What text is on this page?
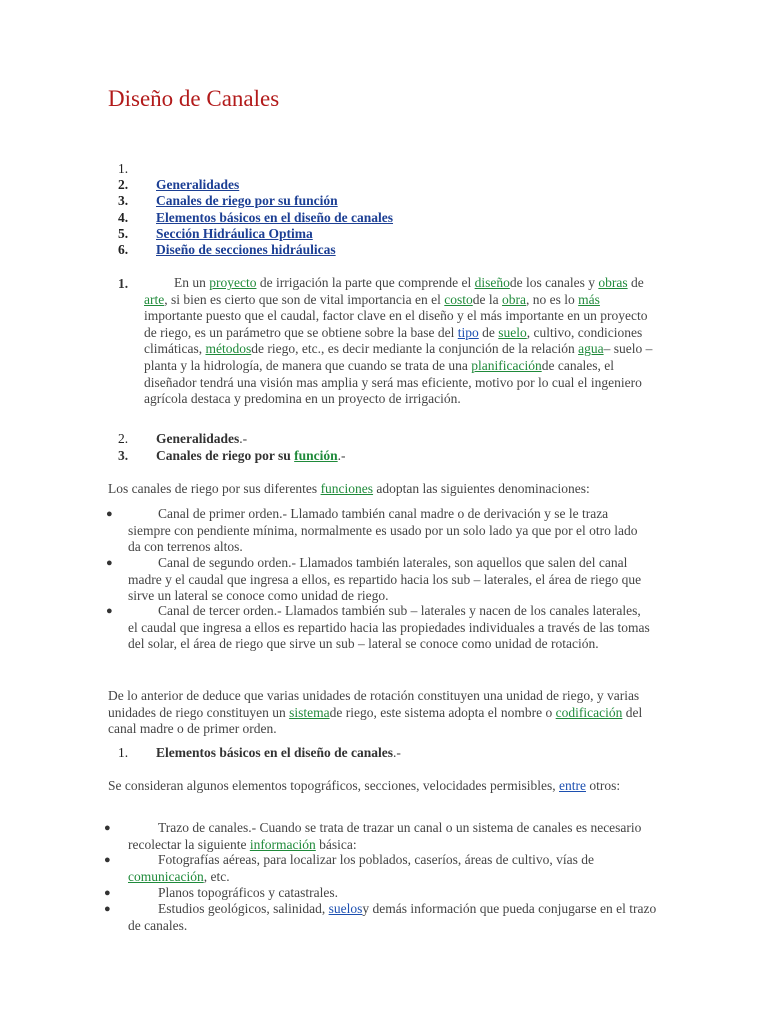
Diseño de Canales
1.
2. Generalidades
3. Canales de riego por su función
4. Elementos básicos en el diseño de canales
5. Sección Hidráulica Optima
6. Diseño de secciones hidráulicas
1.	En un proyecto de irrigación la parte que comprende el diseñode los canales y obras de arte, si bien es cierto que son de vital importancia en el costode la obra, no es lo más importante puesto que el caudal, factor clave en el diseño y el más importante en un proyecto de riego, es un parámetro que se obtiene sobre la base del tipo de suelo, cultivo, condiciones climáticas, métodosde riego, etc., es decir mediante la conjunción de la relación agua– suelo – planta y la hidrología, de manera que cuando se trata de una planificaciónde canales, el diseñador tendrá una visión mas amplia y será mas eficiente, motivo por lo cual el ingeniero agrícola destaca y predomina en un proyecto de irrigación.
2. Generalidades.-
3. Canales de riego por su función.-
Los canales de riego por sus diferentes funciones adoptan las siguientes denominaciones:
●	Canal de primer orden.- Llamado también canal madre o de derivación y se le traza siempre con pendiente mínima, normalmente es usado por un solo lado ya que por el otro lado da con terrenos altos.
●	Canal de segundo orden.- Llamados también laterales, son aquellos que salen del canal madre y el caudal que ingresa a ellos, es repartido hacia los sub – laterales, el área de riego que sirve un lateral se conoce como unidad de riego.
●	Canal de tercer orden.- Llamados también sub – laterales y nacen de los canales laterales, el caudal que ingresa a ellos es repartido hacia las propiedades individuales a través de las tomas del solar, el área de riego que sirve un sub – lateral se conoce como unidad de rotación.
De lo anterior de deduce que varias unidades de rotación constituyen una unidad de riego, y varias unidades de riego constituyen un sistemade riego, este sistema adopta el nombre o codificación del canal madre o de primer orden.
1. Elementos básicos en el diseño de canales.-
Se consideran algunos elementos topográficos, secciones, velocidades permisibles, entre otros:
●	Trazo de canales.- Cuando se trata de trazar un canal o un sistema de canales es necesario recolectar la siguiente información básica:
●	Fotografías aéreas, para localizar los poblados, caseríos, áreas de cultivo, vías de comunicación, etc.
●	Planos topográficos y catastrales.
●	Estudios geológicos, salinidad, suelosy demás información que pueda conjugarse en el trazo de canales.
